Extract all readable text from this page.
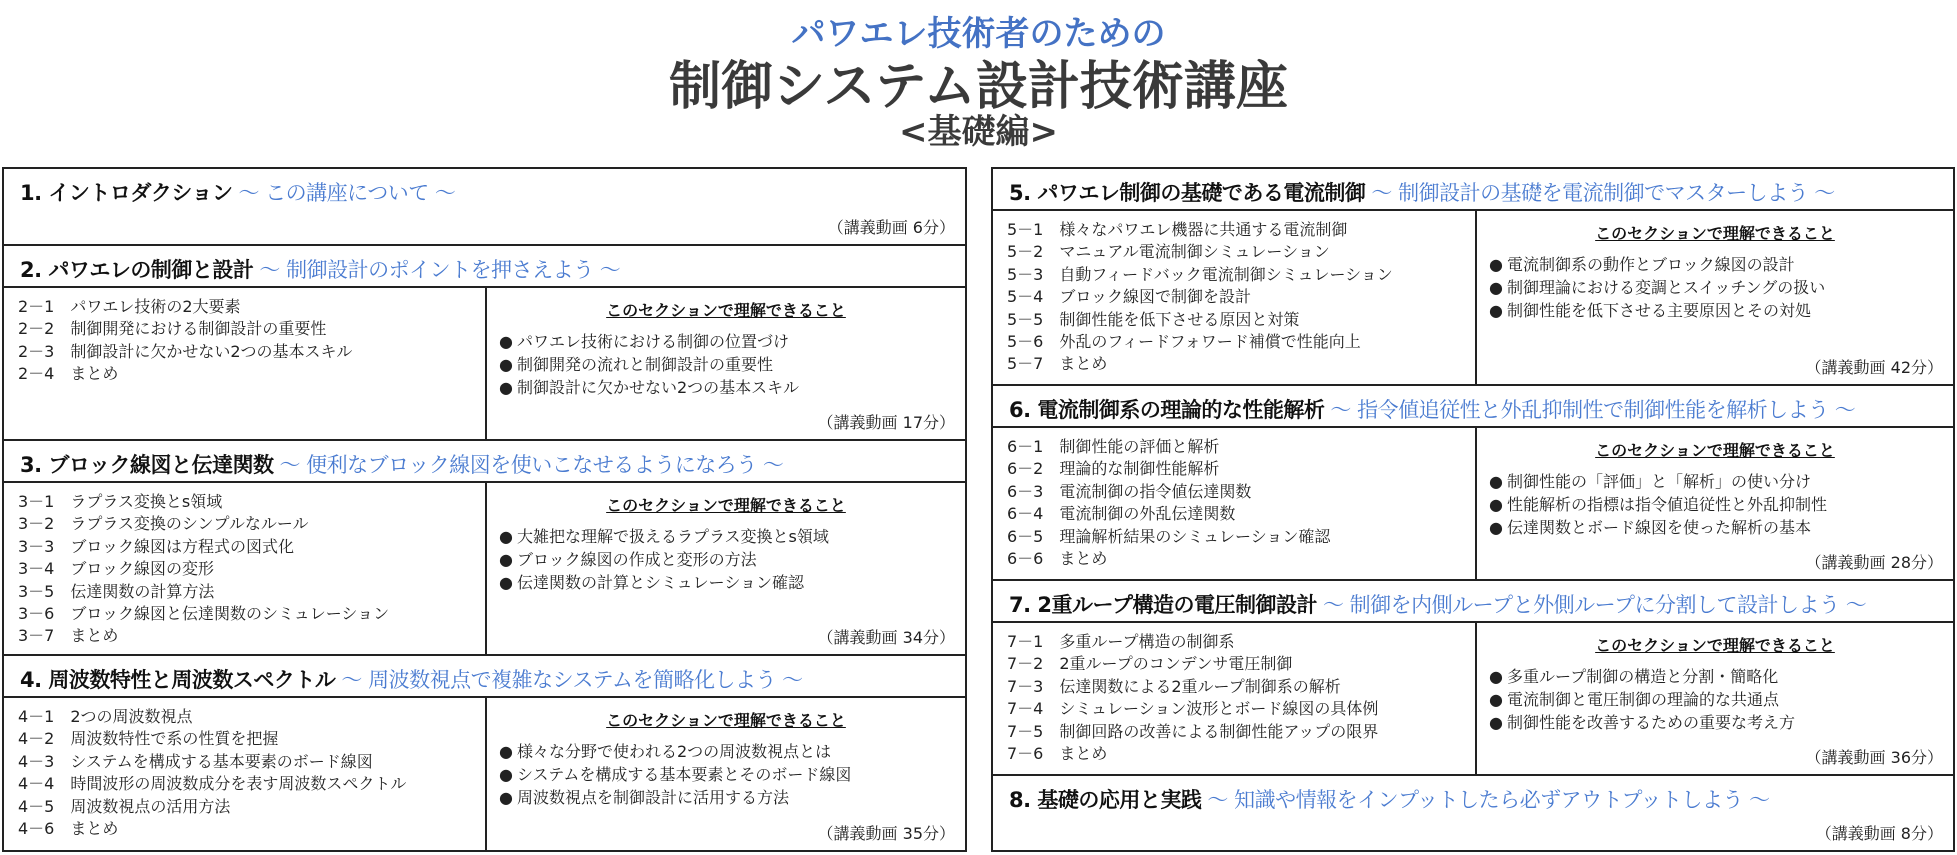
パワエレ技術者のための
制御システム設計技術講座
<基礎編>
1. イントロダクション ～ この講座について ～
（講義動画 6分）
2. パワエレの制御と設計 ～ 制御設計のポイントを押さえよう ～
2－1　パワエレ技術の2大要素
2－2　制御開発における制御設計の重要性
2－3　制御設計に欠かせない2つの基本スキル
2－4　まとめ
このセクションで理解できること
● パワエレ技術における制御の位置づけ
● 制御開発の流れと制御設計の重要性
● 制御設計に欠かせない2つの基本スキル
（講義動画 17分）
3. ブロック線図と伝達関数 ～ 便利なブロック線図を使いこなせるようになろう ～
3－1　ラプラス変換とs領域
3－2　ラプラス変換のシンプルなルール
3－3　ブロック線図は方程式の図式化
3－4　ブロック線図の変形
3－5　伝達関数の計算方法
3－6　ブロック線図と伝達関数のシミュレーション
3－7　まとめ
このセクションで理解できること
● 大雑把な理解で扱えるラプラス変換とs領域
● ブロック線図の作成と変形の方法
● 伝達関数の計算とシミュレーション確認
（講義動画 34分）
4. 周波数特性と周波数スペクトル ～ 周波数視点で複雑なシステムを簡略化しよう ～
4－1　2つの周波数視点
4－2　周波数特性で系の性質を把握
4－3　システムを構成する基本要素のボード線図
4－4　時間波形の周波数成分を表す周波数スペクトル
4－5　周波数視点の活用方法
4－6　まとめ
このセクションで理解できること
● 様々な分野で使われる2つの周波数視点とは
● システムを構成する基本要素とそのボード線図
● 周波数視点を制御設計に活用する方法
（講義動画 35分）
5. パワエレ制御の基礎である電流制御 ～ 制御設計の基礎を電流制御でマスターしよう ～
5－1　様々なパワエレ機器に共通する電流制御
5－2　マニュアル電流制御シミュレーション
5－3　自動フィードバック電流制御シミュレーション
5－4　ブロック線図で制御を設計
5－5　制御性能を低下させる原因と対策
5－6　外乱のフィードフォワード補償で性能向上
5－7　まとめ
このセクションで理解できること
● 電流制御系の動作とブロック線図の設計
● 制御理論における変調とスイッチングの扱い
● 制御性能を低下させる主要原因とその対処
（講義動画 42分）
6. 電流制御系の理論的な性能解析 ～ 指令値追従性と外乱抑制性で制御性能を解析しよう ～
6－1　制御性能の評価と解析
6－2　理論的な制御性能解析
6－3　電流制御の指令値伝達関数
6－4　電流制御の外乱伝達関数
6－5　理論解析結果のシミュレーション確認
6－6　まとめ
このセクションで理解できること
● 制御性能の「評価」と「解析」の使い分け
● 性能解析の指標は指令値追従性と外乱抑制性
● 伝達関数とボード線図を使った解析の基本
（講義動画 28分）
7. 2重ループ構造の電圧制御設計 ～ 制御を内側ループと外側ループに分割して設計しよう ～
7－1　多重ループ構造の制御系
7－2　2重ループのコンデンサ電圧制御
7－3　伝達関数による2重ループ制御系の解析
7－4　シミュレーション波形とボード線図の具体例
7－5　制御回路の改善による制御性能アップの限界
7－6　まとめ
このセクションで理解できること
● 多重ループ制御の構造と分割・簡略化
● 電流制御と電圧制御の理論的な共通点
● 制御性能を改善するための重要な考え方
（講義動画 36分）
8. 基礎の応用と実践 ～ 知識や情報をインプットしたら必ずアウトプットしよう ～
（講義動画 8分）
